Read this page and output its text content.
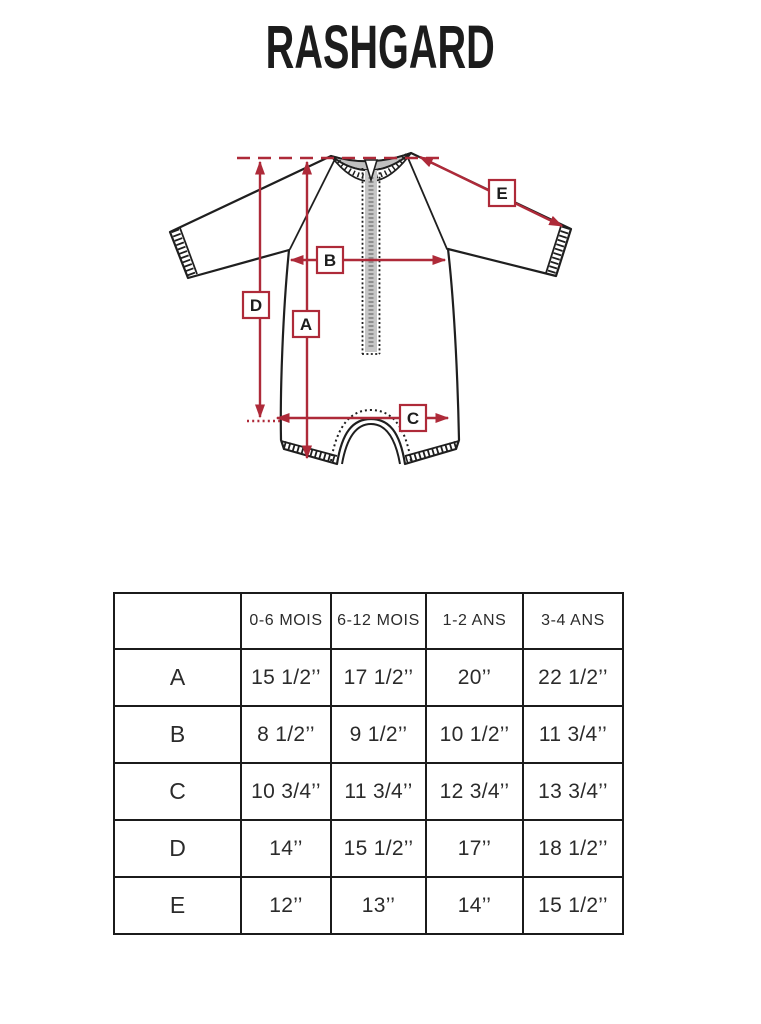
RASHGARD
D
A
B
C
E
	0-6 MOIS	6-12 MOIS	1-2 ANS	3-4 ANS
A	15 1/2’’	17 1/2’’	20’’	22 1/2’’
B	8 1/2’’	9 1/2’’	10 1/2’’	11 3/4’’
C	10 3/4’’	11 3/4’’	12 3/4’’	13 3/4’’
D	14’’	15 1/2’’	17’’	18 1/2’’
E	12’’	13’’	14’’	15 1/2’’
